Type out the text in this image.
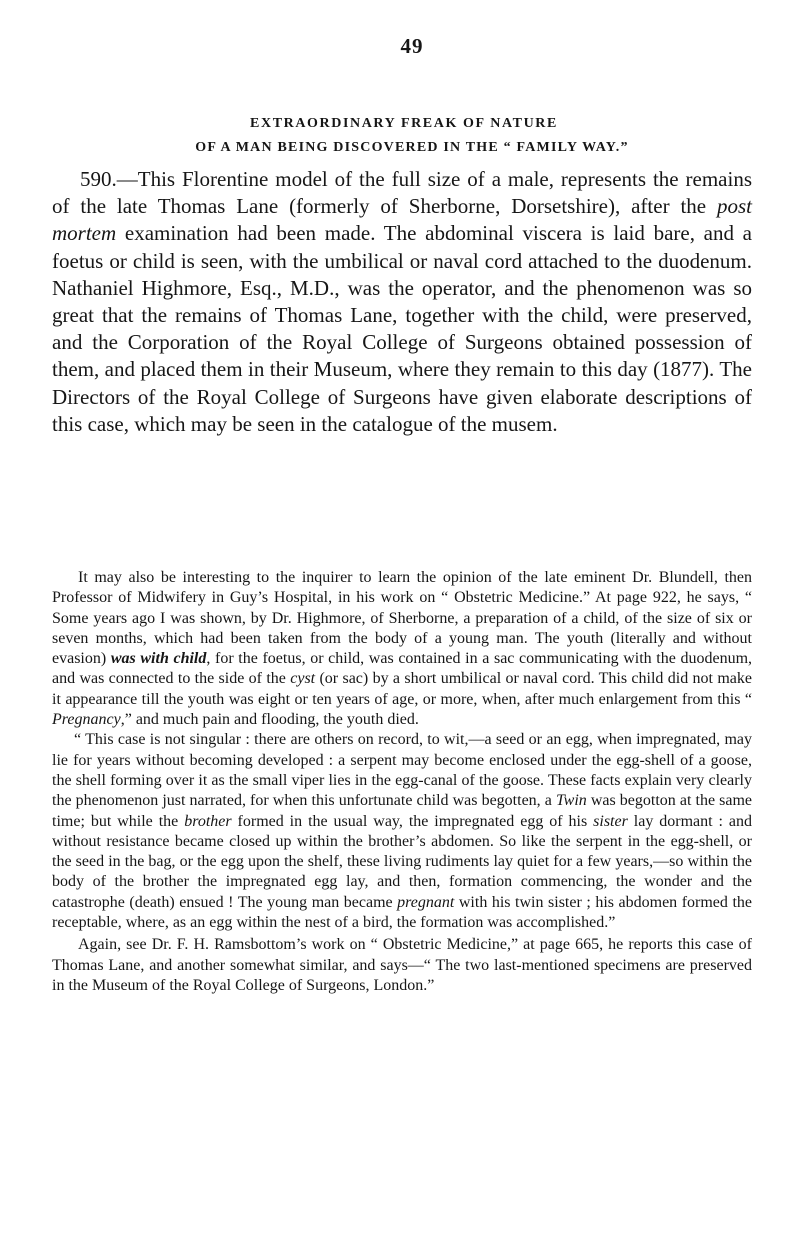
49
EXTRAORDINARY FREAK OF NATURE
OF A MAN BEING DISCOVERED IN THE “ FAMILY WAY.”

590.—This Florentine model of the full size of a male, represents the remains of the late Thomas Lane (formerly of Sherborne, Dorsetshire), after the post mortem examination had been made. The abdominal viscera is laid bare, and a foetus or child is seen, with the umbilical or naval cord attached to the duodenum. Nathaniel Highmore, Esq., M.D., was the operator, and the phenomenon was so great that the remains of Thomas Lane, together with the child, were preserved, and the Corporation of the Royal College of Surgeons obtained possession of them, and placed them in their Museum, where they remain to this day (1877). The Directors of the Royal College of Surgeons have given elaborate descriptions of this case, which may be seen in the catalogue of the musem.

It may also be interesting to the inquirer to learn the opinion of the late eminent Dr. Blundell, then Professor of Midwifery in Guy’s Hospital, in his work on “ Obstetric Medicine.” At page 922, he says, “ Some years ago I was shown, by Dr. Highmore, of Sherborne, a preparation of a child, of the size of six or seven months, which had been taken from the body of a young man. The youth (literally and without evasion) was with child, for the foetus, or child, was contained in a sac communicating with the duodenum, and was connected to the side of the cyst (or sac) by a short umbilical or naval cord. This child did not make it appearance till the youth was eight or ten years of age, or more, when, after much enlargement from this “ Pregnancy,” and much pain and flooding, the youth died.

“ This case is not singular : there are others on record, to wit,—a seed or an egg, when impregnated, may lie for years without becoming developed : a serpent may become enclosed under the egg-shell of a goose, the shell forming over it as the small viper lies in the egg-canal of the goose. These facts explain very clearly the phenomenon just narrated, for when this unfortunate child was begotten, a Twin was begotton at the same time; but while the brother formed in the usual way, the impregnated egg of his sister lay dormant : and without resistance became closed up within the brother’s abdomen. So like the serpent in the egg-shell, or the seed in the bag, or the egg upon the shelf, these living rudiments lay quiet for a few years,—so within the body of the brother the impregnated egg lay, and then, formation commencing, the wonder and the catastrophe (death) ensued ! The young man became pregnant with his twin sister ; his abdomen formed the receptable, where, as an egg within the nest of a bird, the formation was accomplished.”

Again, see Dr. F. H. Ramsbottom’s work on “ Obstetric Medicine,” at page 665, he reports this case of Thomas Lane, and another somewhat similar, and says—“ The two last-mentioned specimens are preserved in the Museum of the Royal College of Surgeons, London.”
